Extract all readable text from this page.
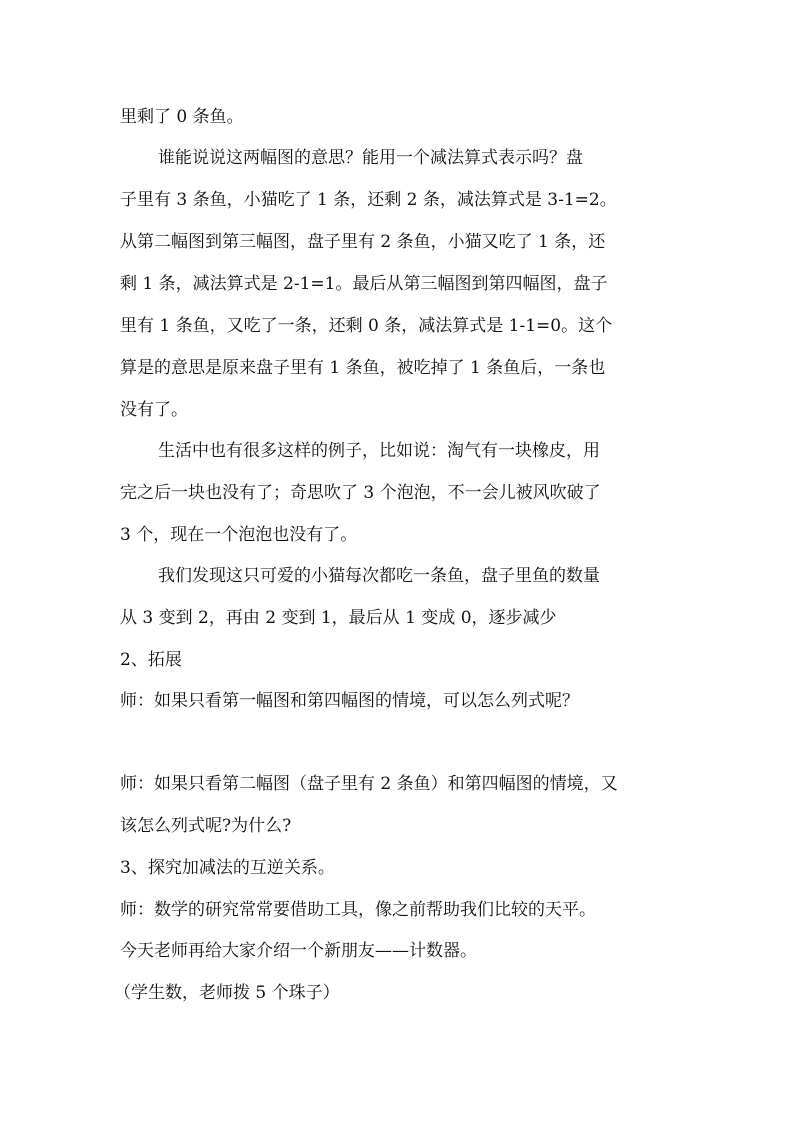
里剩了 0 条鱼。
谁能说说这两幅图的意思？能用一个减法算式表示吗？盘
子里有 3 条鱼，小猫吃了 1 条，还剩 2 条，减法算式是 3-1=2。
从第二幅图到第三幅图，盘子里有 2 条鱼，小猫又吃了 1 条，还
剩 1 条，减法算式是 2-1=1。最后从第三幅图到第四幅图，盘子
里有 1 条鱼，又吃了一条，还剩 0 条，减法算式是 1-1=0。这个
算是的意思是原来盘子里有 1 条鱼，被吃掉了 1 条鱼后，一条也
没有了。
生活中也有很多这样的例子，比如说：淘气有一块橡皮，用
完之后一块也没有了；奇思吹了 3 个泡泡，不一会儿被风吹破了
3 个，现在一个泡泡也没有了。
我们发现这只可爱的小猫每次都吃一条鱼，盘子里鱼的数量
从 3 变到 2，再由 2 变到 1，最后从 1 变成 0，逐步减少
2、拓展
师：如果只看第一幅图和第四幅图的情境，可以怎么列式呢？
师：如果只看第二幅图（盘子里有 2 条鱼）和第四幅图的情境，又
该怎么列式呢?为什么?
3、探究加减法的互逆关系。
师：数学的研究常常要借助工具，像之前帮助我们比较的天平。
今天老师再给大家介绍一个新朋友——计数器。
（学生数，老师拨 5 个珠子）
